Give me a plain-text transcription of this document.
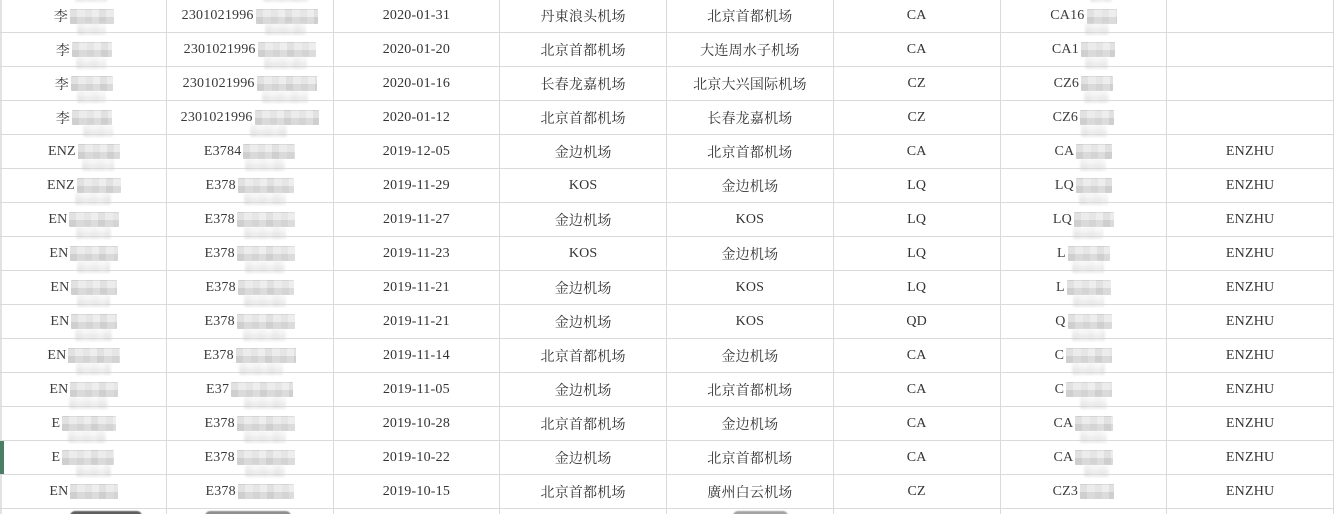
李	2301021996	2020-01-31	丹東浪头机场	北京首都机场	CA	CA16
李	2301021996	2020-01-20	北京首都机场	大连周水子机场	CA	CA1
李	2301021996	2020-01-16	长春龙嘉机场	北京大兴国际机场	CZ	CZ6
李	2301021996	2020-01-12	北京首都机场	长春龙嘉机场	CZ	CZ6
ENZ	E3784	2019-12-05	金边机场	北京首都机场	CA	CA	ENZHU
ENZ	E378	2019-11-29	KOS	金边机场	LQ	LQ	ENZHU
EN	E378	2019-11-27	金边机场	KOS	LQ	LQ	ENZHU
EN	E378	2019-11-23	KOS	金边机场	LQ	L	ENZHU
EN	E378	2019-11-21	金边机场	KOS	LQ	L	ENZHU
EN	E378	2019-11-21	金边机场	KOS	QD	Q	ENZHU
EN	E378	2019-11-14	北京首都机场	金边机场	CA	C	ENZHU
EN	E37	2019-11-05	金边机场	北京首都机场	CA	C	ENZHU
E	E378	2019-10-28	北京首都机场	金边机场	CA	CA	ENZHU
E	E378	2019-10-22	金边机场	北京首都机场	CA	CA	ENZHU
EN	E378	2019-10-15	北京首都机场	廣州白云机场	CZ	CZ3	ENZHU
